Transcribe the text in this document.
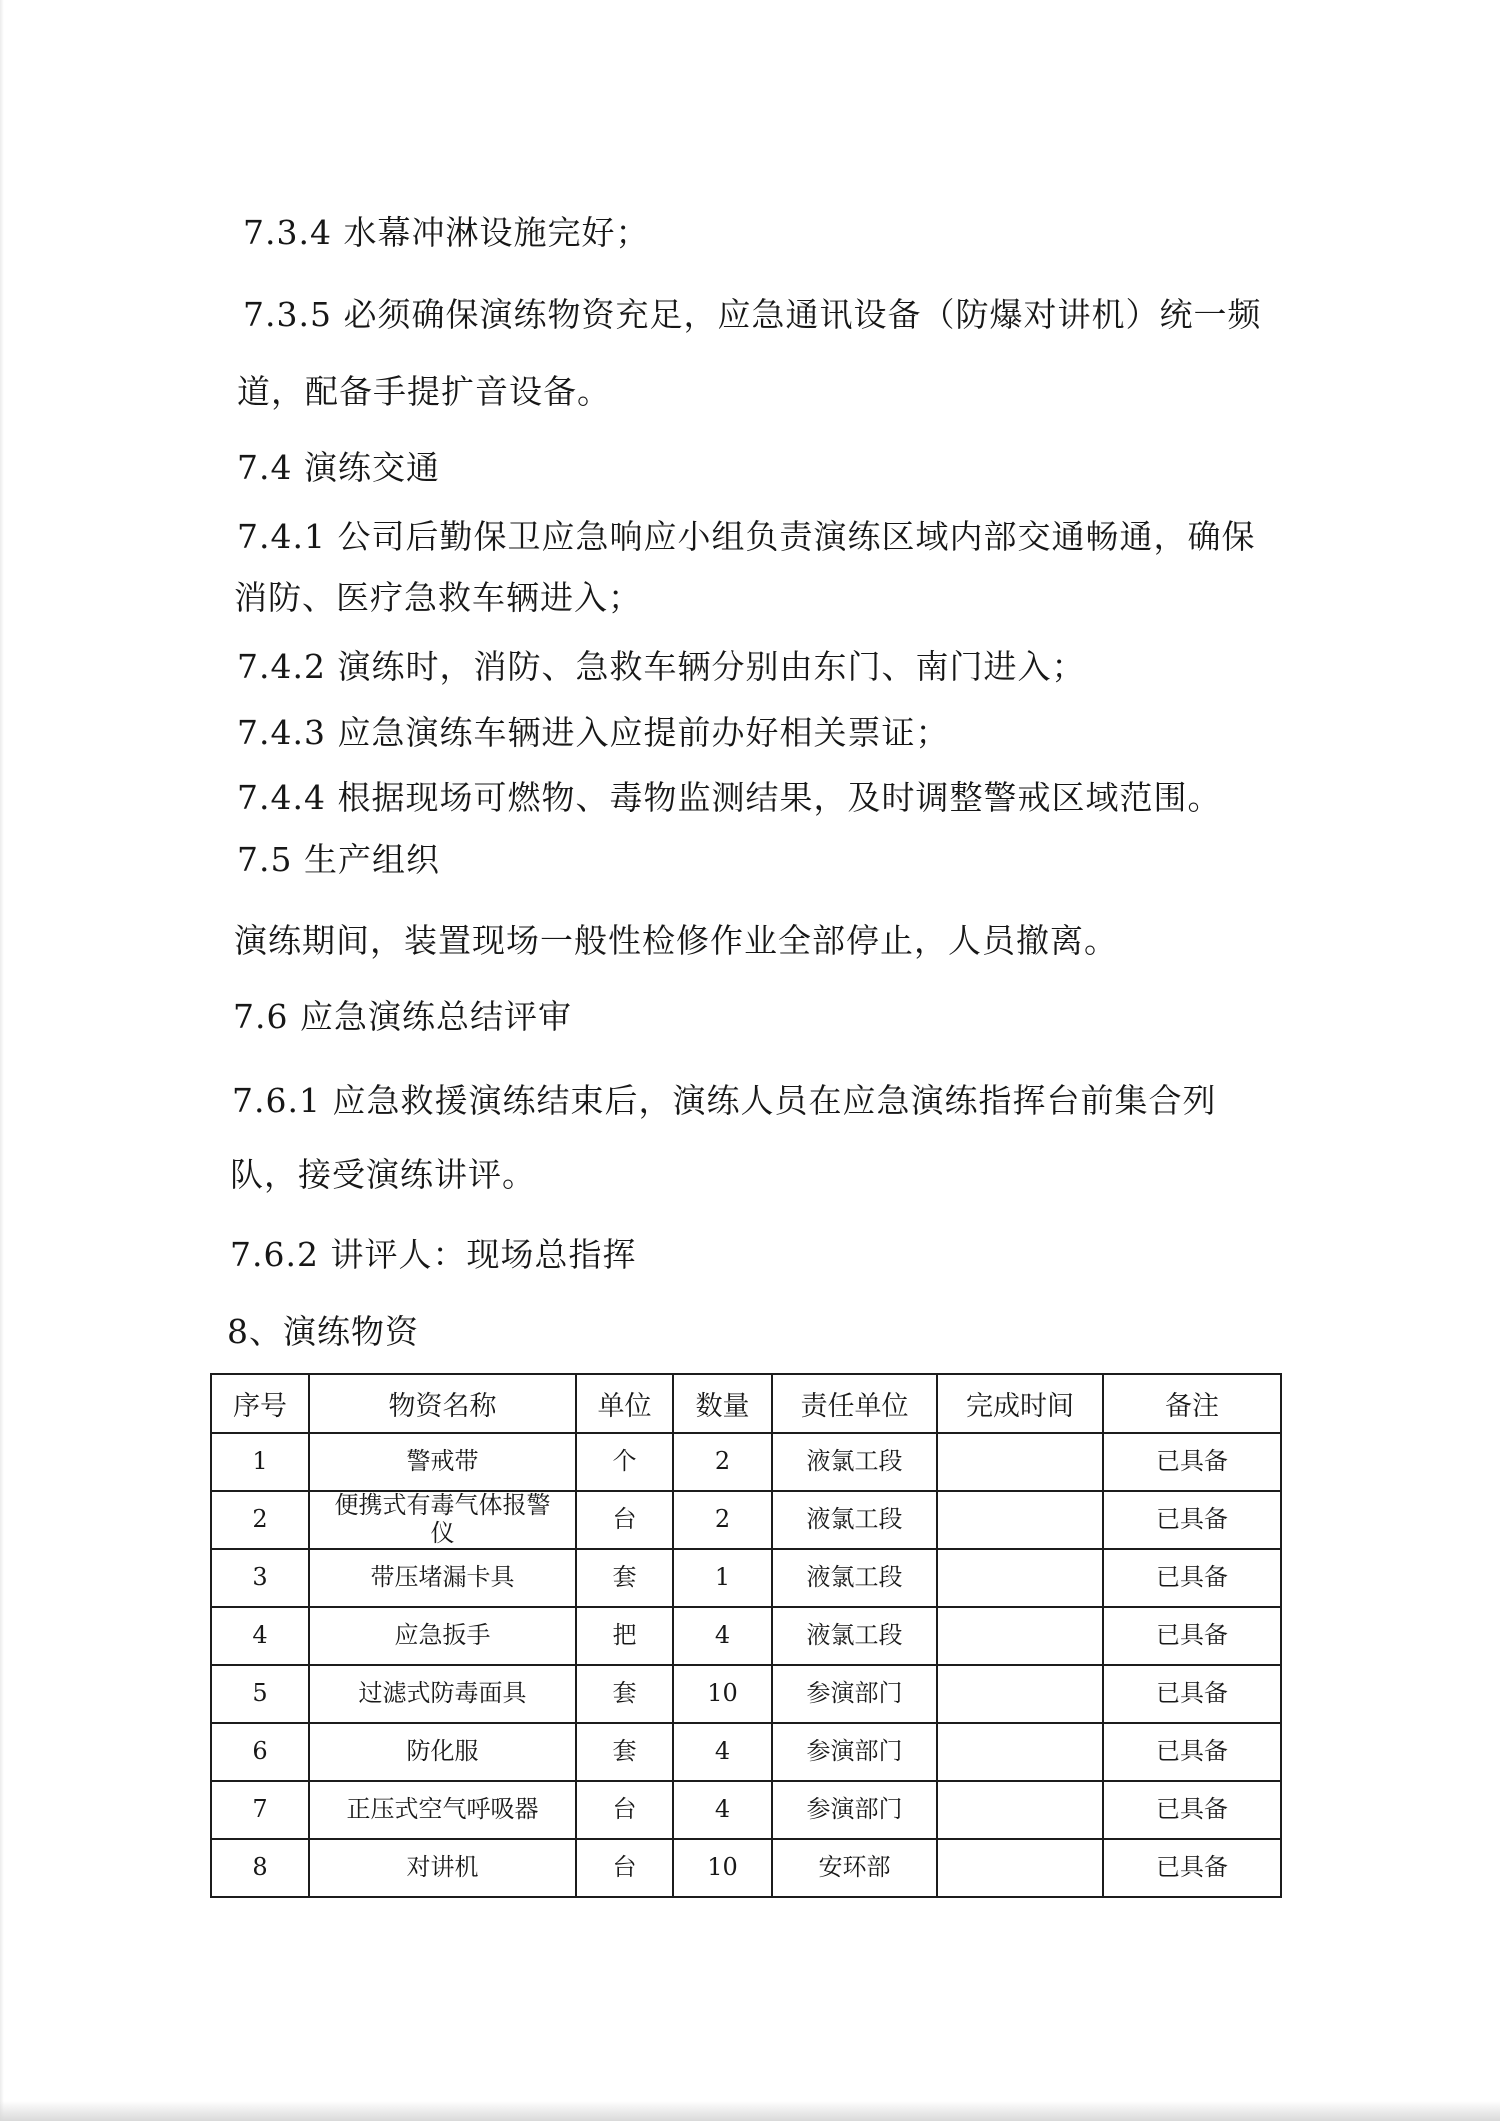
7.3.4 水幕冲淋设施完好；
7.3.5 必须确保演练物资充足，应急通讯设备（防爆对讲机）统一频
道，配备手提扩音设备。
7.4 演练交通
7.4.1 公司后勤保卫应急响应小组负责演练区域内部交通畅通，确保
消防、医疗急救车辆进入；
7.4.2 演练时，消防、急救车辆分别由东门、南门进入；
7.4.3 应急演练车辆进入应提前办好相关票证；
7.4.4 根据现场可燃物、毒物监测结果，及时调整警戒区域范围。
7.5 生产组织
演练期间，装置现场一般性检修作业全部停止，人员撤离。
7.6 应急演练总结评审
7.6.1 应急救援演练结束后，演练人员在应急演练指挥台前集合列
队，接受演练讲评。
7.6.2 讲评人：现场总指挥
8、演练物资
序号	物资名称	单位	数量	责任单位	完成时间	备注
1	警戒带	个	2	液氯工段		已具备
2	便携式有毒气体报警仪	台	2	液氯工段		已具备
3	带压堵漏卡具	套	1	液氯工段		已具备
4	应急扳手	把	4	液氯工段		已具备
5	过滤式防毒面具	套	10	参演部门		已具备
6	防化服	套	4	参演部门		已具备
7	正压式空气呼吸器	台	4	参演部门		已具备
8	对讲机	台	10	安环部		已具备
